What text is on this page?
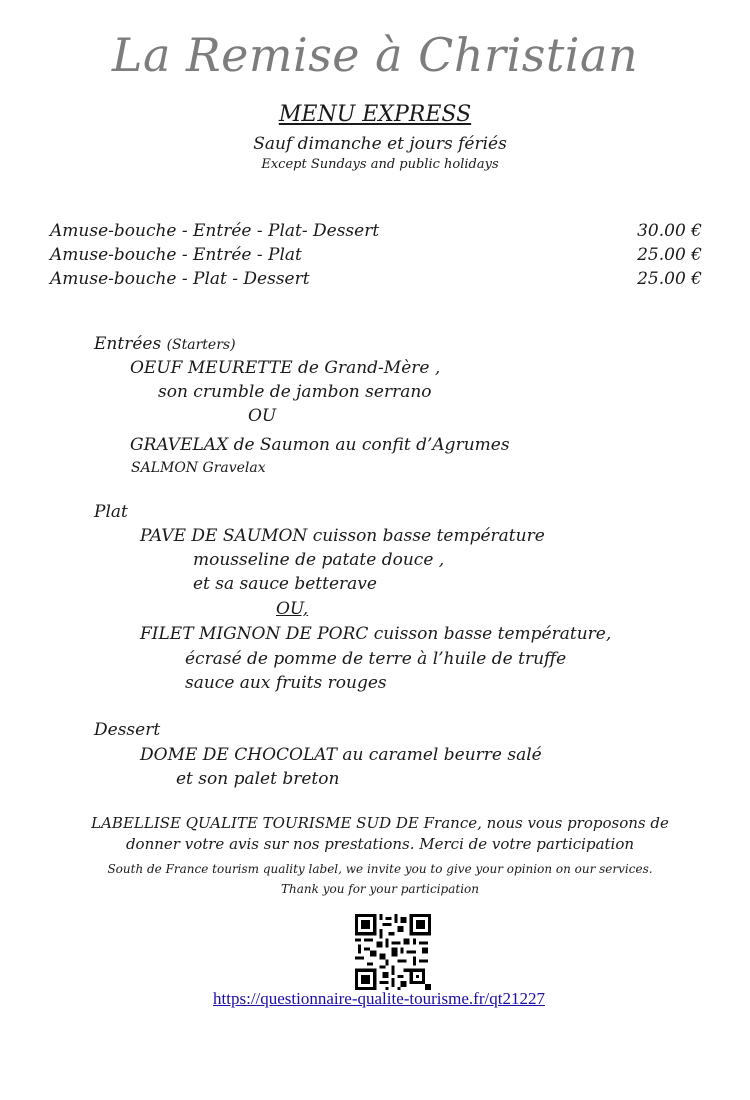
La Remise à Christian
MENU EXPRESS
Sauf dimanche et jours fériés
Except Sundays and public holidays
Amuse-bouche - Entrée - Plat- Dessert	30.00 €
Amuse-bouche - Entrée - Plat	25.00 €
Amuse-bouche - Plat - Dessert	25.00 €
Entrées (Starters)
OEUF MEURETTE de Grand-Mère ,
son crumble de jambon serrano
OU
GRAVELAX de Saumon au confit d’Agrumes
SALMON Gravelax
Plat
PAVE DE SAUMON cuisson basse température
mousseline de patate douce ,
et sa sauce betterave
OU,
FILET MIGNON DE PORC cuisson basse température,
écrasé de pomme de terre à l’huile de truffe
sauce aux fruits rouges
Dessert
DOME DE CHOCOLAT au caramel beurre salé
et son palet breton
LABELLISE QUALITE TOURISME SUD DE France, nous vous proposons de
donner votre avis sur nos prestations. Merci de votre participation
South de France tourism quality label, we invite you to give your opinion on our services.
Thank you for your participation
https://questionnaire-qualite-tourisme.fr/qt21227
